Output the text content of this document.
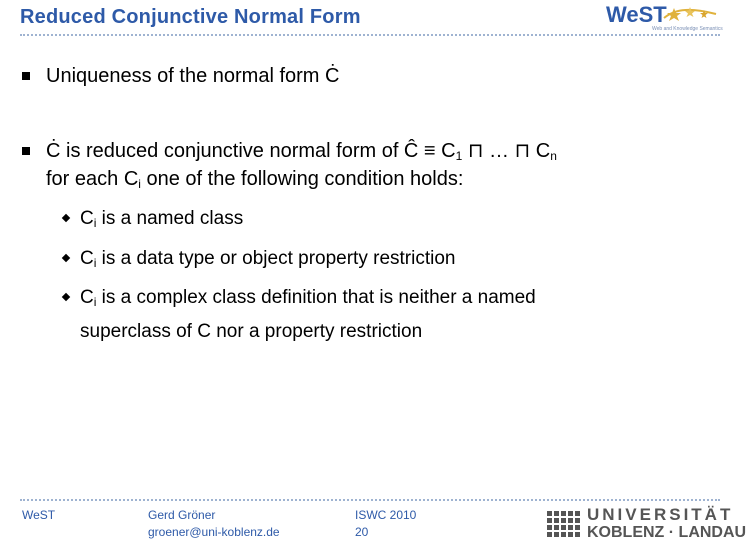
Reduced Conjunctive Normal Form	WeST
Web and Knowledge Semantics
Uniqueness of the normal form Ċ
Ċ is reduced conjunctive normal form of Ĉ ≡ $C_1$ ⊓ … ⊓ $C_n$
for each $C_i$ one of the following condition holds:
$C_i$ is a named class
$C_i$ is a data type or object property restriction
$C_i$ is a complex class definition that is neither a named
superclass of C nor a property restriction
WeST	Gerd Gröner
groener@uni-koblenz.de
ISWC 2010
20
UNIVERSITÄT
KOBLENZ · LANDAU
